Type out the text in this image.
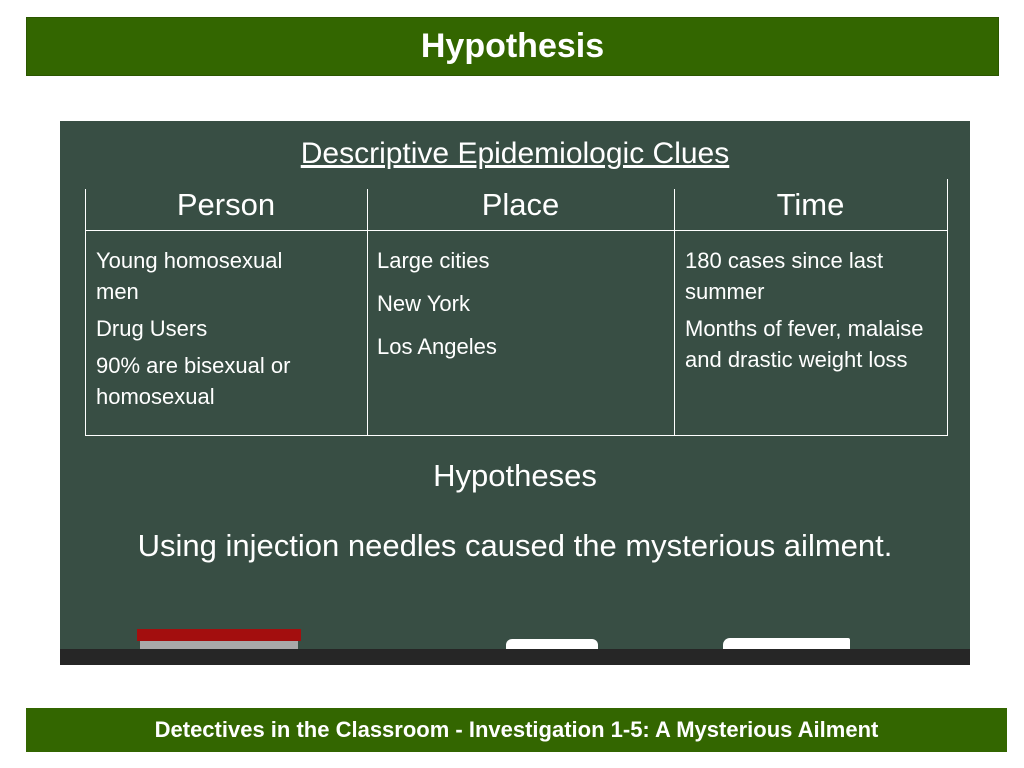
Hypothesis
Descriptive Epidemiologic Clues
Person	Place	Time

Young homosexual men

Drug Users

90% are bisexual or homosexual

Large cities

New York

Los Angeles

180 cases since last summer

Months of fever, malaise and drastic weight loss

Hypotheses
Using injection needles caused the mysterious ailment.
Detectives in the Classroom - Investigation 1-5: A Mysterious Ailment
